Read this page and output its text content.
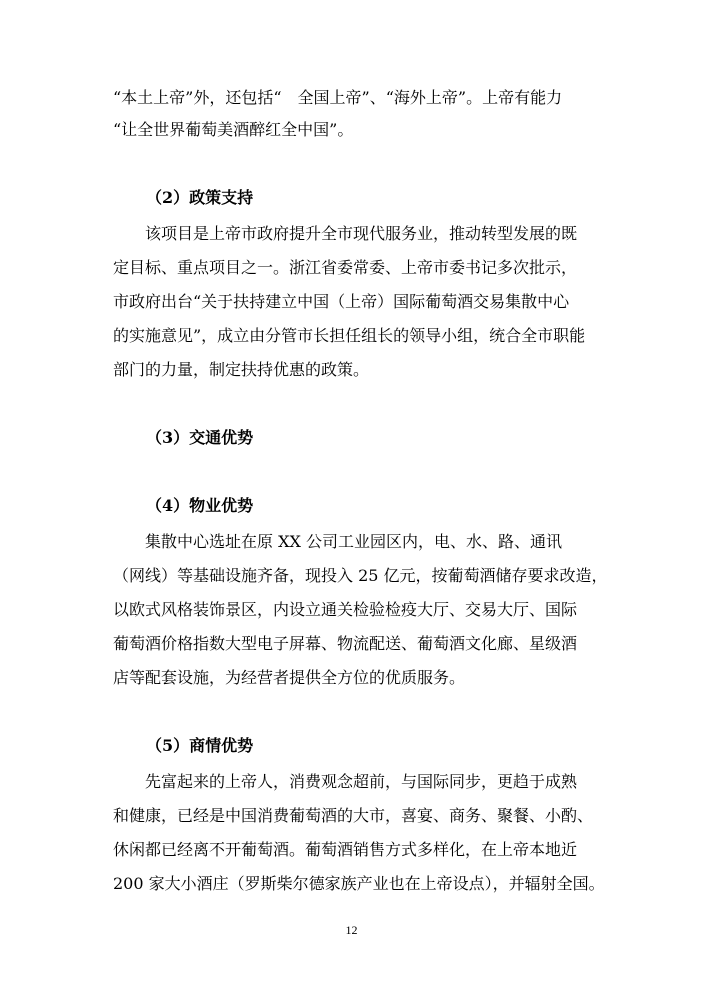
“本土上帝”外，还包括“　全国上帝”、“海外上帝”。上帝有能力
“让全世界葡萄美酒醉红全中国”。
（2）政策支持
　　该项目是上帝市政府提升全市现代服务业，推动转型发展的既
定目标、重点项目之一。浙江省委常委、上帝市委书记多次批示，
市政府出台“关于扶持建立中国（上帝）国际葡萄酒交易集散中心
的实施意见”，成立由分管市长担任组长的领导小组，统合全市职能
部门的力量，制定扶持优惠的政策。
（3）交通优势
（4）物业优势
　　集散中心选址在原 XX 公司工业园区内，电、水、路、通讯
（网线）等基础设施齐备，现投入 25 亿元，按葡萄酒储存要求改造，
以欧式风格装饰景区，内设立通关检验检疫大厅、交易大厅、国际
葡萄酒价格指数大型电子屏幕、物流配送、葡萄酒文化廊、星级酒
店等配套设施，为经营者提供全方位的优质服务。
（5）商情优势
　　先富起来的上帝人，消费观念超前，与国际同步，更趋于成熟
和健康，已经是中国消费葡萄酒的大市，喜宴、商务、聚餐、小酌、
休闲都已经离不开葡萄酒。葡萄酒销售方式多样化，在上帝本地近
200 家大小酒庄（罗斯柴尔德家族产业也在上帝设点），并辐射全国。
12
